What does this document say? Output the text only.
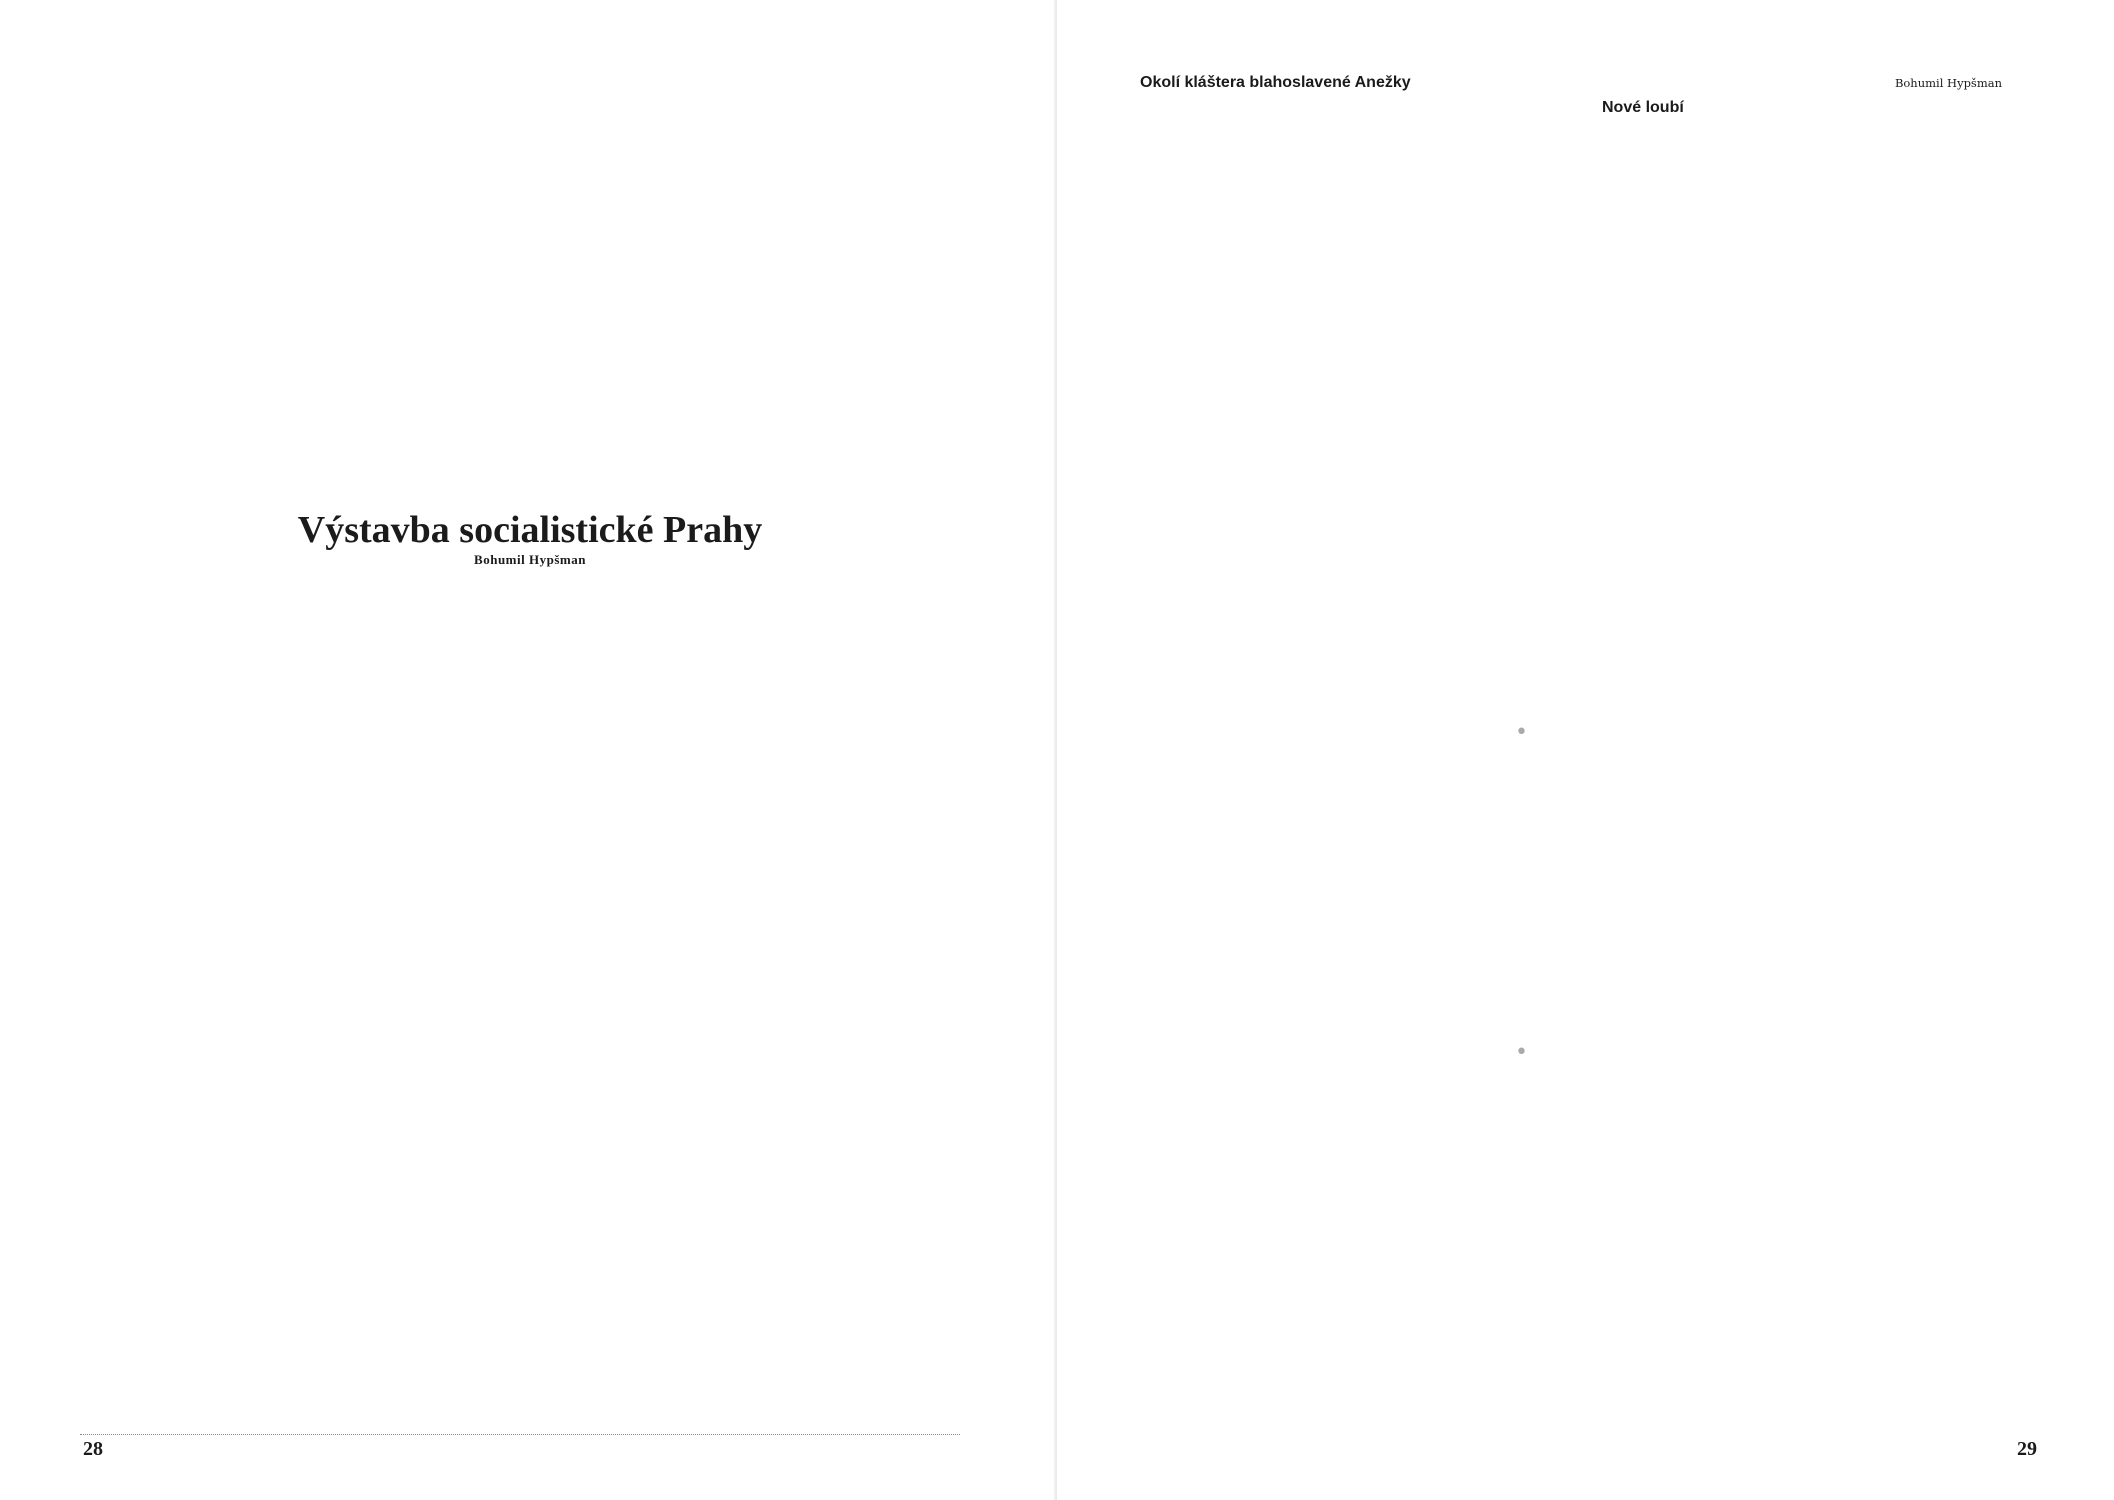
Výstavba socialistické Prahy
Bohumil Hypšman

28

Okolí kláštera blahoslavené Anežky	Bohumil Hypšman

Nové loubí

•
•
29
